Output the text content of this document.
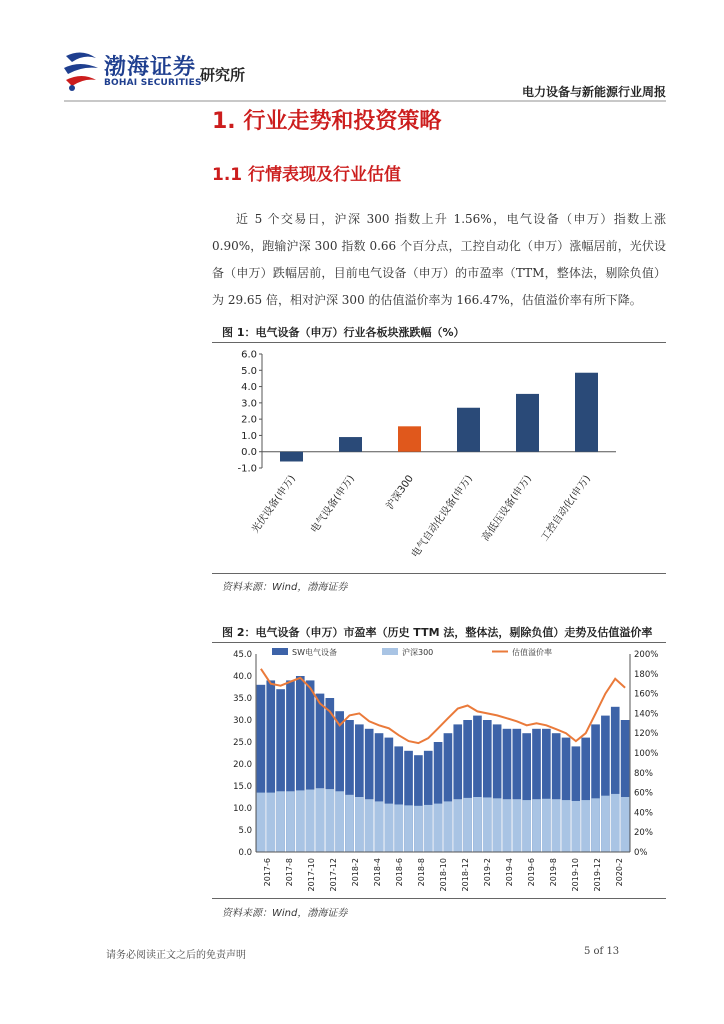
渤海证券
BOHAI SECURITIES
研究所
电力设备与新能源行业周报
1. 行业走势和投资策略
1.1 行情表现及行业估值

近 5 个交易日，沪深 300 指数上升 1.56%，电气设备（申万）指数上涨 0.90%，跑输沪深 300 指数 0.66 个百分点，工控自动化（申万）涨幅居前，光伏设备（申万）跌幅居前，目前电气设备（申万）的市盈率（TTM，整体法，剔除负值）为 29.65 倍，相对沪深 300 的估值溢价率为 166.47%，估值溢价率有所下降。

图 1：电气设备（申万）行业各板块涨跌幅（%）
6.0
5.0
4.0
3.0
2.0
1.0
0.0
-1.0
光伏设备(申万) 电气设备(申万)	沪深300
电气自动化设备(申万) 高低压设备(申万) 工控自动化(申万)
资料来源：Wind，渤海证券
图 2：电气设备（申万）市盈率（历史 TTM 法，整体法，剔除负值）走势及估值溢价率
SW电气设备	沪深300	估值溢价率
45.0
40.0
35.0
30.0
25.0
20.0
15.0
10.0
5.0
0.0
200%
180%
160%
140%
120%
100%
80%
60%
40%
20%
0%
2017-6 2017-8 2017-10 2017-12 2018-2 2018-4 2018-6 2018-8 2018-10 2018-12 2019-2 2019-4 2019-6 2019-8 2019-10 2019-12 2020-2
资料来源：Wind，渤海证券
请务必阅读正文之后的免责声明	5 of 13
